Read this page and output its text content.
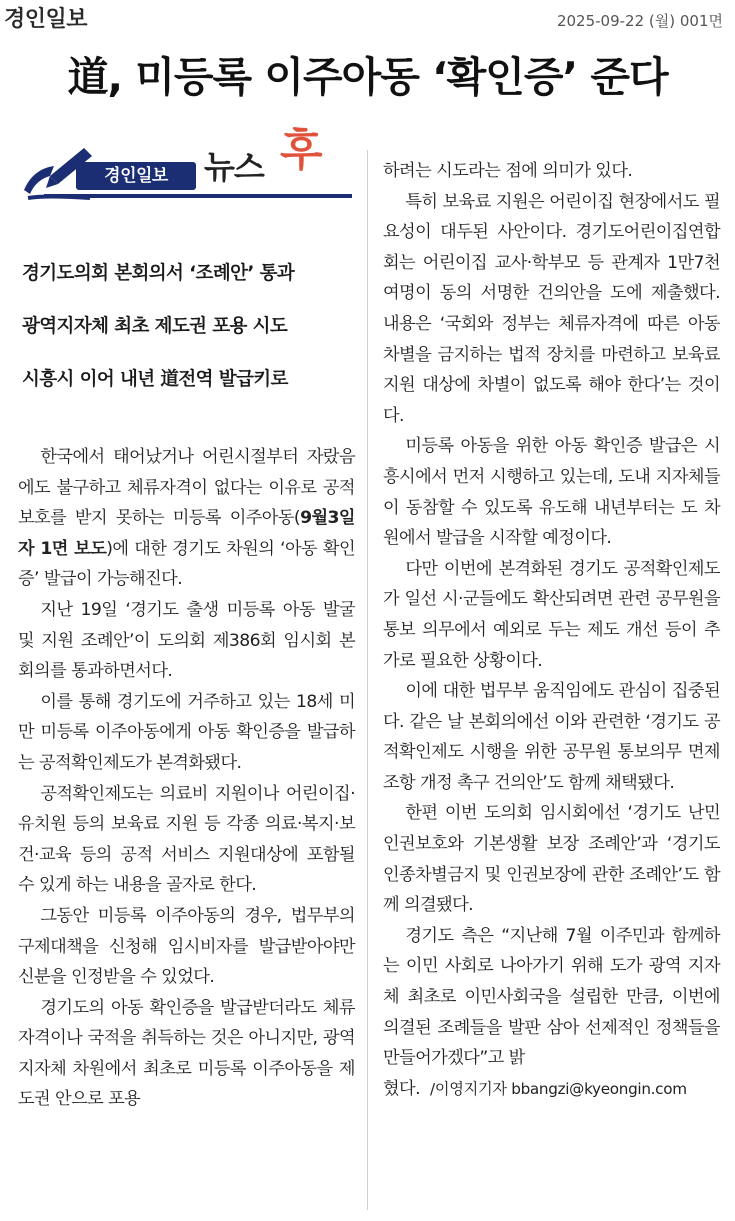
경인일보	2025-09-22 (월) 001면
道, 미등록 이주아동 ‘확인증’ 준다
경인일보	뉴스 후
경기도의회 본회의서 ‘조례안’ 통과
광역지자체 최초 제도권 포용 시도
시흥시 이어 내년 道전역 발급키로

한국에서 태어났거나 어린시절부터 자랐음에도 불구하고 체류자격이 없다는 이유로 공적 보호를 받지 못하는 미등록 이주아동(9월3일자 1면 보도)에 대한 경기도 차원의 ‘아동 확인증’ 발급이 가능해진다.

지난 19일 ‘경기도 출생 미등록 아동 발굴 및 지원 조례안’이 도의회 제386회 임시회 본회의를 통과하면서다.

이를 통해 경기도에 거주하고 있는 18세 미만 미등록 이주아동에게 아동 확인증을 발급하는 공적확인제도가 본격화됐다.

공적확인제도는 의료비 지원이나 어린이집·유치원 등의 보육료 지원 등 각종 의료·복지·보건·교육 등의 공적 서비스 지원대상에 포함될 수 있게 하는 내용을 골자로 한다.

그동안 미등록 이주아동의 경우, 법무부의 구제대책을 신청해 임시비자를 발급받아야만 신분을 인정받을 수 있었다.

경기도의 아동 확인증을 발급받더라도 체류자격이나 국적을 취득하는 것은 아니지만, 광역지자체 차원에서 최초로 미등록 이주아동을 제도권 안으로 포용

하려는 시도라는 점에 의미가 있다.

특히 보육료 지원은 어린이집 현장에서도 필요성이 대두된 사안이다. 경기도어린이집연합회는 어린이집 교사·학부모 등 관계자 1만7천여명이 동의 서명한 건의안을 도에 제출했다. 내용은 ‘국회와 정부는 체류자격에 따른 아동 차별을 금지하는 법적 장치를 마련하고 보육료 지원 대상에 차별이 없도록 해야 한다’는 것이다.

미등록 아동을 위한 아동 확인증 발급은 시흥시에서 먼저 시행하고 있는데, 도내 지자체들이 동참할 수 있도록 유도해 내년부터는 도 차원에서 발급을 시작할 예정이다.

다만 이번에 본격화된 경기도 공적확인제도가 일선 시·군들에도 확산되려면 관련 공무원을 통보 의무에서 예외로 두는 제도 개선 등이 추가로 필요한 상황이다.

이에 대한 법무부 움직임에도 관심이 집중된다. 같은 날 본회의에선 이와 관련한 ‘경기도 공적확인제도 시행을 위한 공무원 통보의무 면제 조항 개정 촉구 건의안’도 함께 채택됐다.

한편 이번 도의회 임시회에선 ‘경기도 난민 인권보호와 기본생활 보장 조례안’과 ‘경기도 인종차별금지 및 인권보장에 관한 조례안’도 함께 의결됐다.

경기도 측은 “지난해 7월 이주민과 함께하는 이민 사회로 나아가기 위해 도가 광역 지자체 최초로 이민사회국을 설립한 만큼, 이번에 의결된 조례들을 발판 삼아 선제적인 정책들을 만들어가겠다”고 밝

혔다. /이영지기자 bbangzi@kyeongin.com
